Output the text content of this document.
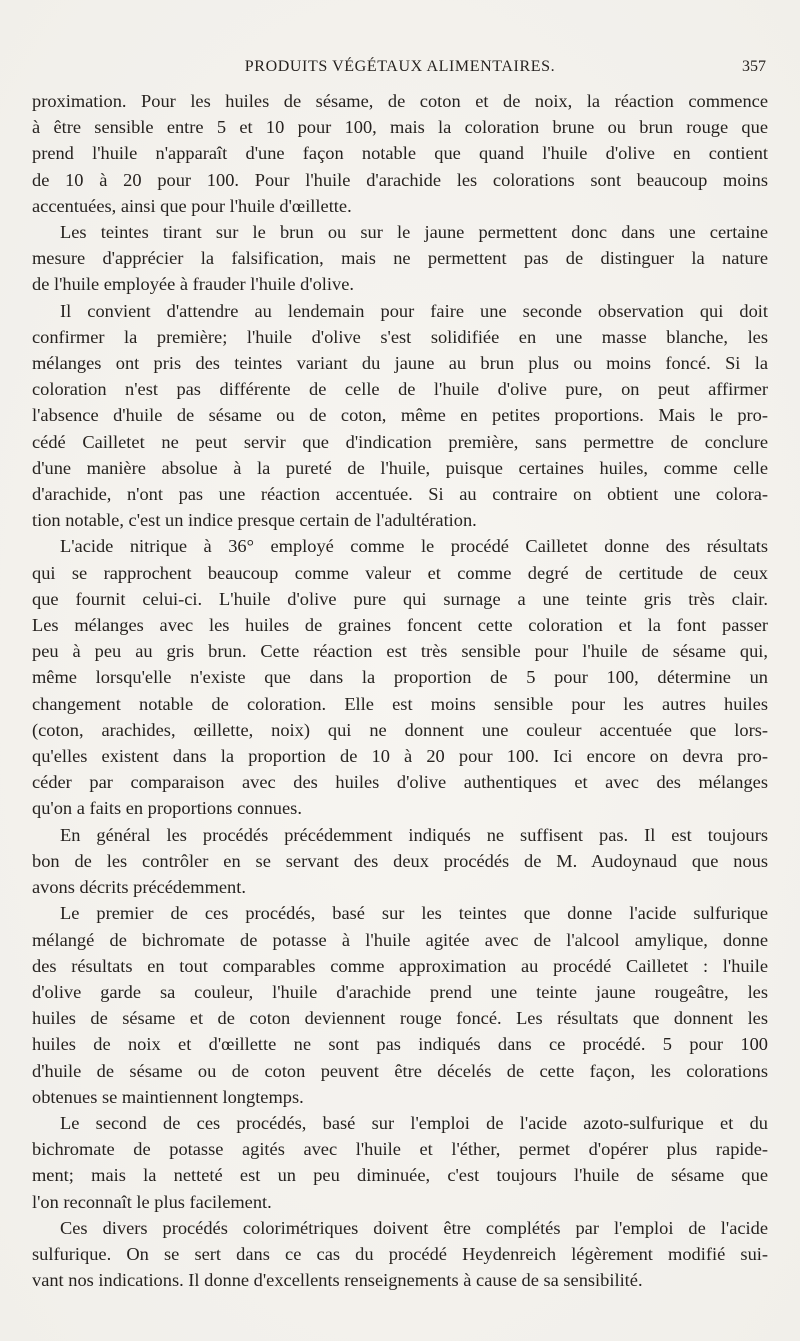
PRODUITS VÉGÉTAUX ALIMENTAIRES.	357
proximation. Pour les huiles de sésame, de coton et de noix, la réaction commence
à être sensible entre 5 et 10 pour 100, mais la coloration brune ou brun rouge que
prend l'huile n'apparaît d'une façon notable que quand l'huile d'olive en contient
de 10 à 20 pour 100. Pour l'huile d'arachide les colorations sont beaucoup moins
accentuées, ainsi que pour l'huile d'œillette.
Les teintes tirant sur le brun ou sur le jaune permettent donc dans une certaine
mesure d'apprécier la falsification, mais ne permettent pas de distinguer la nature
de l'huile employée à frauder l'huile d'olive.
Il convient d'attendre au lendemain pour faire une seconde observation qui doit
confirmer la première; l'huile d'olive s'est solidifiée en une masse blanche, les
mélanges ont pris des teintes variant du jaune au brun plus ou moins foncé. Si la
coloration n'est pas différente de celle de l'huile d'olive pure, on peut affirmer
l'absence d'huile de sésame ou de coton, même en petites proportions. Mais le pro-
cédé Cailletet ne peut servir que d'indication première, sans permettre de conclure
d'une manière absolue à la pureté de l'huile, puisque certaines huiles, comme celle
d'arachide, n'ont pas une réaction accentuée. Si au contraire on obtient une colora-
tion notable, c'est un indice presque certain de l'adultération.
L'acide nitrique à 36° employé comme le procédé Cailletet donne des résultats
qui se rapprochent beaucoup comme valeur et comme degré de certitude de ceux
que fournit celui-ci. L'huile d'olive pure qui surnage a une teinte gris très clair.
Les mélanges avec les huiles de graines foncent cette coloration et la font passer
peu à peu au gris brun. Cette réaction est très sensible pour l'huile de sésame qui,
même lorsqu'elle n'existe que dans la proportion de 5 pour 100, détermine un
changement notable de coloration. Elle est moins sensible pour les autres huiles
(coton, arachides, œillette, noix) qui ne donnent une couleur accentuée que lors-
qu'elles existent dans la proportion de 10 à 20 pour 100. Ici encore on devra pro-
céder par comparaison avec des huiles d'olive authentiques et avec des mélanges
qu'on a faits en proportions connues.
En général les procédés précédemment indiqués ne suffisent pas. Il est toujours
bon de les contrôler en se servant des deux procédés de M. Audoynaud que nous
avons décrits précédemment.
Le premier de ces procédés, basé sur les teintes que donne l'acide sulfurique
mélangé de bichromate de potasse à l'huile agitée avec de l'alcool amylique, donne
des résultats en tout comparables comme approximation au procédé Cailletet : l'huile
d'olive garde sa couleur, l'huile d'arachide prend une teinte jaune rougeâtre, les
huiles de sésame et de coton deviennent rouge foncé. Les résultats que donnent les
huiles de noix et d'œillette ne sont pas indiqués dans ce procédé. 5 pour 100
d'huile de sésame ou de coton peuvent être décelés de cette façon, les colorations
obtenues se maintiennent longtemps.
Le second de ces procédés, basé sur l'emploi de l'acide azoto-sulfurique et du
bichromate de potasse agités avec l'huile et l'éther, permet d'opérer plus rapide-
ment; mais la netteté est un peu diminuée, c'est toujours l'huile de sésame que
l'on reconnaît le plus facilement.
Ces divers procédés colorimétriques doivent être complétés par l'emploi de l'acide
sulfurique. On se sert dans ce cas du procédé Heydenreich légèrement modifié sui-
vant nos indications. Il donne d'excellents renseignements à cause de sa sensibilité.
